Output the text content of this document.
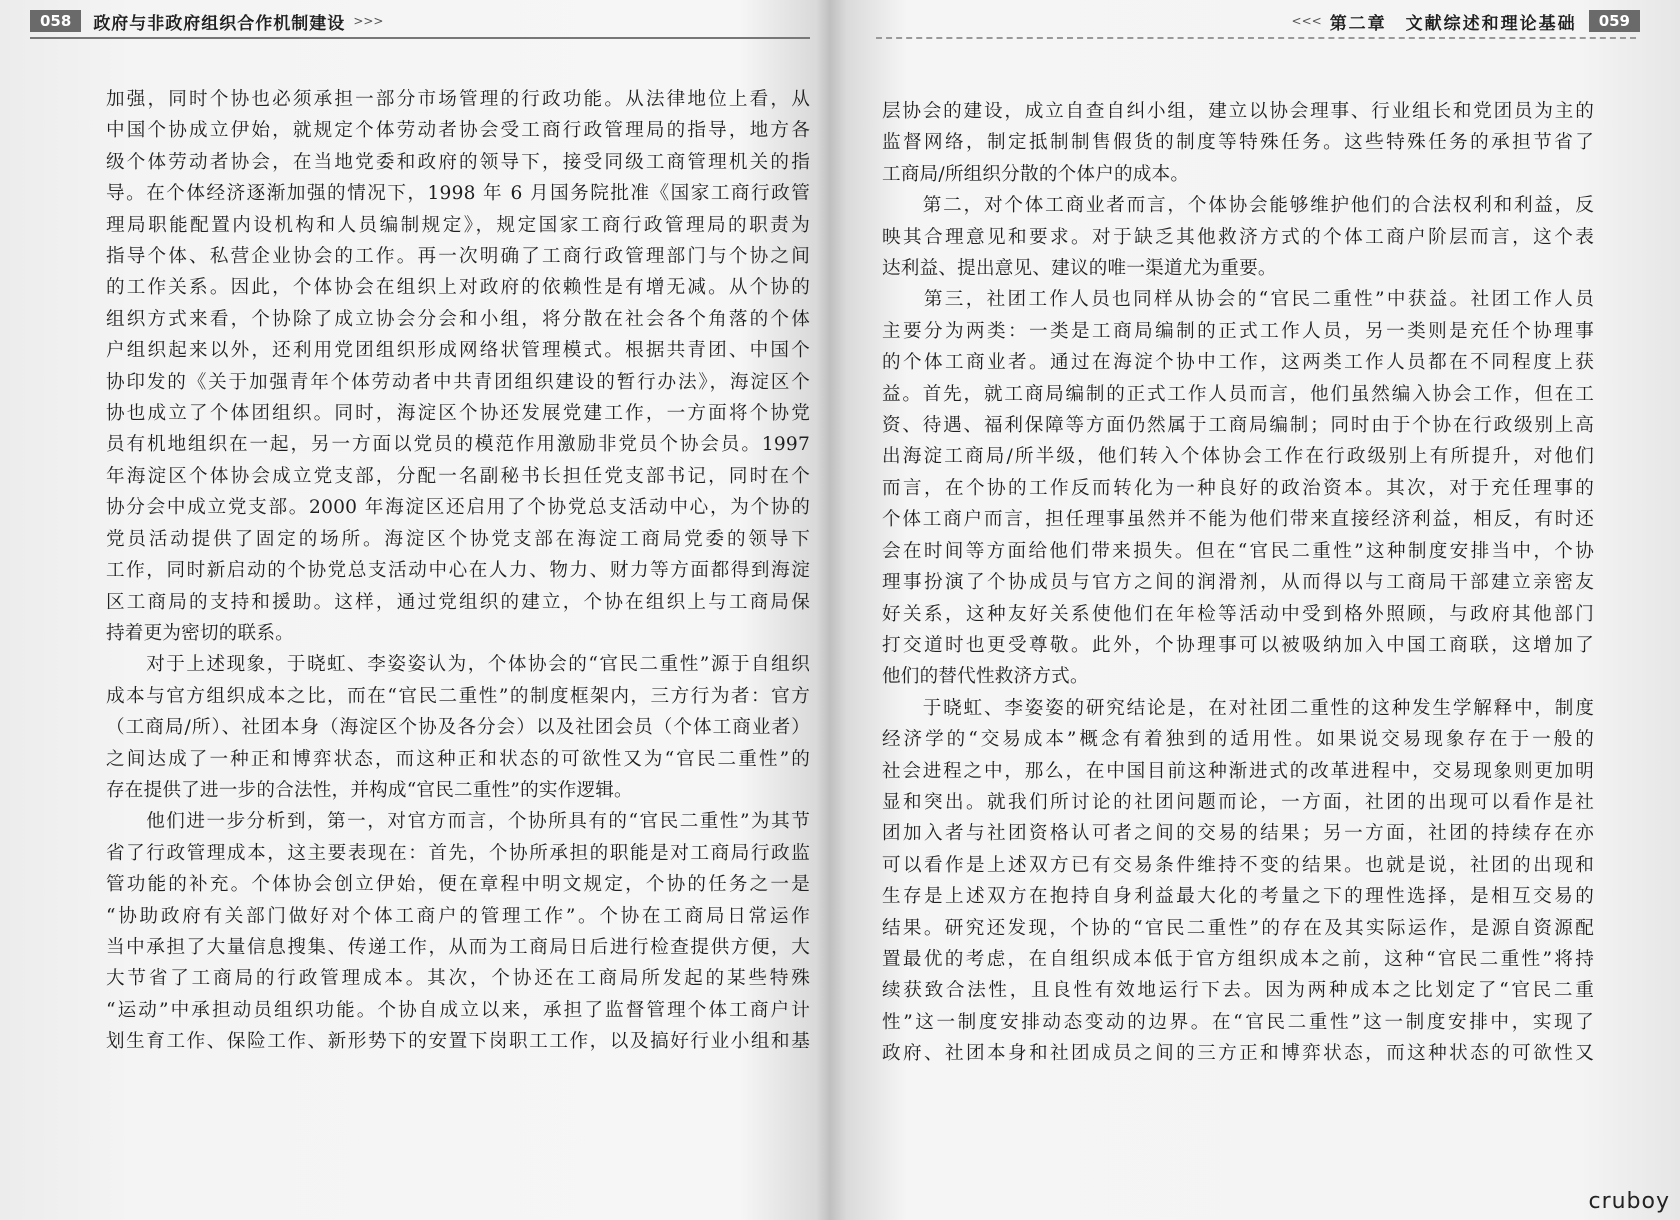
058	政府与非政府组织合作机制建设 >>>
加强，同时个协也必须承担一部分市场管理的行政功能。从法律地位上看，从
中国个协成立伊始，就规定个体劳动者协会受工商行政管理局的指导，地方各
级个体劳动者协会，在当地党委和政府的领导下，接受同级工商管理机关的指
导。在个体经济逐渐加强的情况下，1998 年 6 月国务院批准《国家工商行政管
理局职能配置内设机构和人员编制规定》，规定国家工商行政管理局的职责为
指导个体、私营企业协会的工作。再一次明确了工商行政管理部门与个协之间
的工作关系。因此，个体协会在组织上对政府的依赖性是有增无减。从个协的
组织方式来看，个协除了成立协会分会和小组，将分散在社会各个角落的个体
户组织起来以外，还利用党团组织形成网络状管理模式。根据共青团、中国个
协印发的《关于加强青年个体劳动者中共青团组织建设的暂行办法》，海淀区个
协也成立了个体团组织。同时，海淀区个协还发展党建工作，一方面将个协党
员有机地组织在一起，另一方面以党员的模范作用激励非党员个协会员。1997
年海淀区个体协会成立党支部，分配一名副秘书长担任党支部书记，同时在个
协分会中成立党支部。2000 年海淀区还启用了个协党总支活动中心，为个协的
党员活动提供了固定的场所。海淀区个协党支部在海淀工商局党委的领导下
工作，同时新启动的个协党总支活动中心在人力、物力、财力等方面都得到海淀
区工商局的支持和援助。这样，通过党组织的建立，个协在组织上与工商局保
持着更为密切的联系。
　　对于上述现象，于晓虹、李姿姿认为，个体协会的“官民二重性”源于自组织
成本与官方组织成本之比，而在“官民二重性”的制度框架内，三方行为者：官方
（工商局/所）、社团本身（海淀区个协及各分会）以及社团会员（个体工商业者）
之间达成了一种正和博弈状态，而这种正和状态的可欲性又为“官民二重性”的
存在提供了进一步的合法性，并构成“官民二重性”的实作逻辑。
　　他们进一步分析到，第一，对官方而言，个协所具有的“官民二重性”为其节
省了行政管理成本，这主要表现在：首先，个协所承担的职能是对工商局行政监
管功能的补充。个体协会创立伊始，便在章程中明文规定，个协的任务之一是
“协助政府有关部门做好对个体工商户的管理工作”。个协在工商局日常运作
当中承担了大量信息搜集、传递工作，从而为工商局日后进行检查提供方便，大
大节省了工商局的行政管理成本。其次，个协还在工商局所发起的某些特殊
“运动”中承担动员组织功能。个协自成立以来，承担了监督管理个体工商户计
划生育工作、保险工作、新形势下的安置下岗职工工作，以及搞好行业小组和基
<<< 第二章　文献综述和理论基础	059
层协会的建设，成立自查自纠小组，建立以协会理事、行业组长和党团员为主的
监督网络，制定抵制制售假货的制度等特殊任务。这些特殊任务的承担节省了
工商局/所组织分散的个体户的成本。
　　第二，对个体工商业者而言，个体协会能够维护他们的合法权利和利益，反
映其合理意见和要求。对于缺乏其他救济方式的个体工商户阶层而言，这个表
达利益、提出意见、建议的唯一渠道尤为重要。
　　第三，社团工作人员也同样从协会的“官民二重性”中获益。社团工作人员
主要分为两类：一类是工商局编制的正式工作人员，另一类则是充任个协理事
的个体工商业者。通过在海淀个协中工作，这两类工作人员都在不同程度上获
益。首先，就工商局编制的正式工作人员而言，他们虽然编入协会工作，但在工
资、待遇、福利保障等方面仍然属于工商局编制；同时由于个协在行政级别上高
出海淀工商局/所半级，他们转入个体协会工作在行政级别上有所提升，对他们
而言，在个协的工作反而转化为一种良好的政治资本。其次，对于充任理事的
个体工商户而言，担任理事虽然并不能为他们带来直接经济利益，相反，有时还
会在时间等方面给他们带来损失。但在“官民二重性”这种制度安排当中，个协
理事扮演了个协成员与官方之间的润滑剂，从而得以与工商局干部建立亲密友
好关系，这种友好关系使他们在年检等活动中受到格外照顾，与政府其他部门
打交道时也更受尊敬。此外，个协理事可以被吸纳加入中国工商联，这增加了
他们的替代性救济方式。
　　于晓虹、李姿姿的研究结论是，在对社团二重性的这种发生学解释中，制度
经济学的“交易成本”概念有着独到的适用性。如果说交易现象存在于一般的
社会进程之中，那么，在中国目前这种渐进式的改革进程中，交易现象则更加明
显和突出。就我们所讨论的社团问题而论，一方面，社团的出现可以看作是社
团加入者与社团资格认可者之间的交易的结果；另一方面，社团的持续存在亦
可以看作是上述双方已有交易条件维持不变的结果。也就是说，社团的出现和
生存是上述双方在抱持自身利益最大化的考量之下的理性选择，是相互交易的
结果。研究还发现，个协的“官民二重性”的存在及其实际运作，是源自资源配
置最优的考虑，在自组织成本低于官方组织成本之前，这种“官民二重性”将持
续获致合法性，且良性有效地运行下去。因为两种成本之比划定了“官民二重
性”这一制度安排动态变动的边界。在“官民二重性”这一制度安排中，实现了
政府、社团本身和社团成员之间的三方正和博弈状态，而这种状态的可欲性又
cruboy
